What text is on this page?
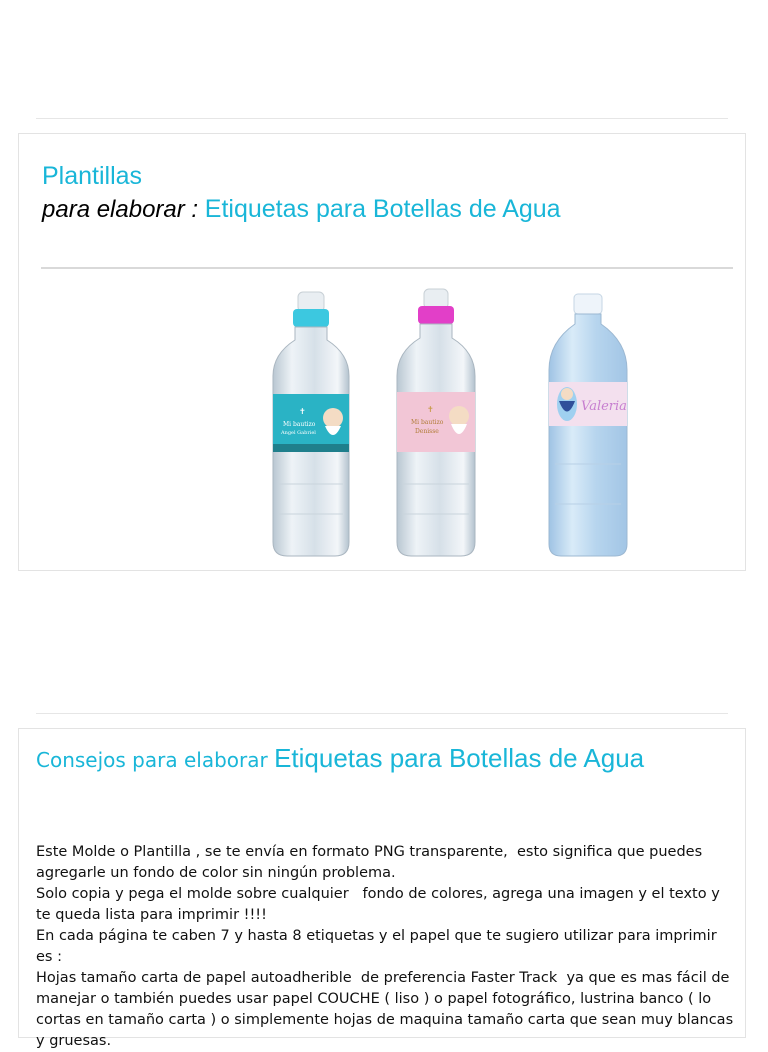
Plantillas
para elaborar : Etiquetas para Botellas de Agua
✝
Mi bautizo
Angel Gabriel
✝
Mi bautizo
Denisse
Valeria
Consejos para elaborar Etiquetas para Botellas de Agua

Este Molde o Plantilla , se te envía en formato PNG transparente,  esto significa que puedes agregarle un fondo de color sin ningún problema.

Solo copia y pega el molde sobre cualquier   fondo de colores, agrega una imagen y el texto y te queda lista para imprimir !!!!

En cada página te caben 7 y hasta 8 etiquetas y el papel que te sugiero utilizar para imprimir es :

Hojas tamaño carta de papel autoadherible  de preferencia Faster Track  ya que es mas fácil de manejar o también puedes usar papel COUCHE ( liso ) o papel fotográfico, lustrina banco ( lo cortas en tamaño carta ) o simplemente hojas de maquina tamaño carta que sean muy blancas y gruesas.
